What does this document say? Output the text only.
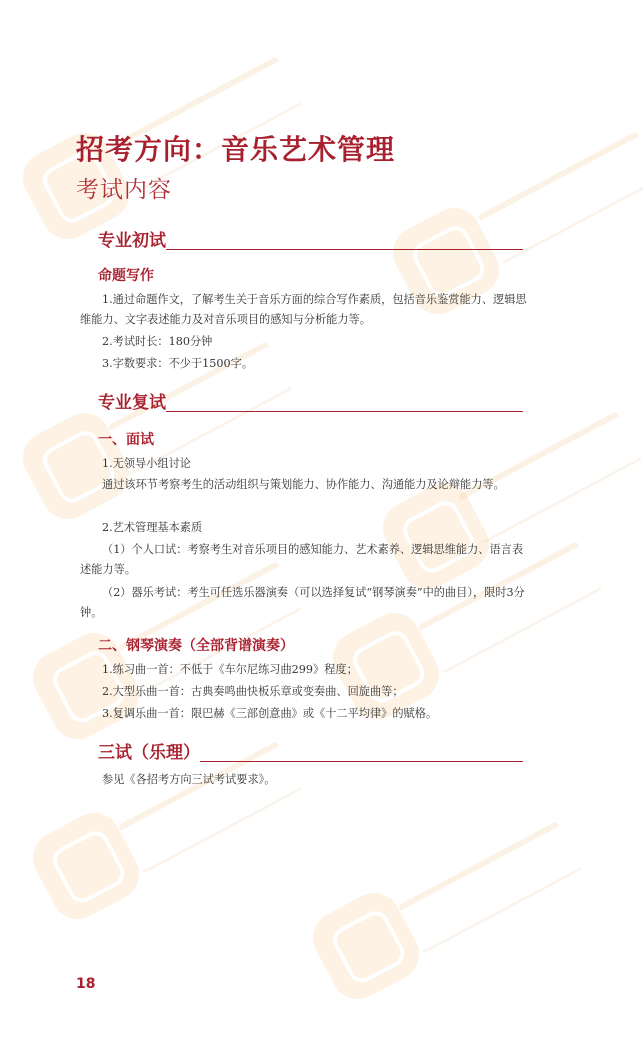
招考方向：音乐艺术管理
考试内容
专业初试
命题写作
1.通过命题作文，了解考生关于音乐方面的综合写作素质，包括音乐鉴赏能力、逻辑思维能力、文字表述能力及对音乐项目的感知与分析能力等。
2.考试时长：180分钟
3.字数要求：不少于1500字。
专业复试
一、面试
1.无领导小组讨论
通过该环节考察考生的活动组织与策划能力、协作能力、沟通能力及论辩能力等。
2.艺术管理基本素质
（1）个人口试：考察考生对音乐项目的感知能力、艺术素养、逻辑思维能力、语言表述能力等。
（2）器乐考试：考生可任选乐器演奏（可以选择复试“钢琴演奏”中的曲目），限时3分钟。
二、钢琴演奏（全部背谱演奏）
1.练习曲一首：不低于《车尔尼练习曲299》程度；
2.大型乐曲一首：古典奏鸣曲快板乐章或变奏曲、回旋曲等；
3.复调乐曲一首：限巴赫《三部创意曲》或《十二平均律》的赋格。
三试（乐理）
参见《各招考方向三试考试要求》。
18
